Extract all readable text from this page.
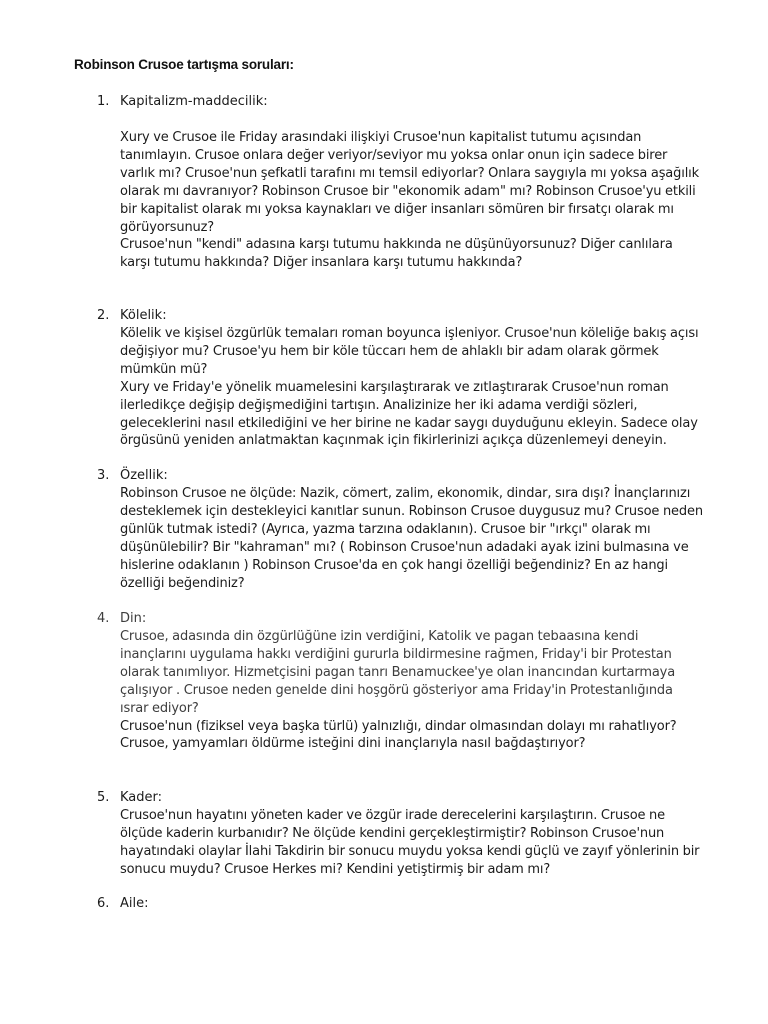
Robinson Crusoe tartışma soruları:
1. Kapitalizm-maddecilik:
Xury ve Crusoe ile Friday arasındaki ilişkiyi Crusoe'nun kapitalist tutumu açısından
tanımlayın. Crusoe onlara değer veriyor/seviyor mu yoksa onlar onun için sadece birer
varlık mı? Crusoe'nun şefkatli tarafını mı temsil ediyorlar? Onlara saygıyla mı yoksa aşağılık
olarak mı davranıyor? Robinson Crusoe bir "ekonomik adam" mı? Robinson Crusoe'yu etkili
bir kapitalist olarak mı yoksa kaynakları ve diğer insanları sömüren bir fırsatçı olarak mı
görüyorsunuz?
Crusoe'nun "kendi" adasına karşı tutumu hakkında ne düşünüyorsunuz? Diğer canlılara
karşı tutumu hakkında? Diğer insanlara karşı tutumu hakkında?
2. Kölelik:
Kölelik ve kişisel özgürlük temaları roman boyunca işleniyor. Crusoe'nun köleliğe bakış açısı
değişiyor mu? Crusoe'yu hem bir köle tüccarı hem de ahlaklı bir adam olarak görmek
mümkün mü?
Xury ve Friday'e yönelik muamelesini karşılaştırarak ve zıtlaştırarak Crusoe'nun roman
ilerledikçe değişip değişmediğini tartışın. Analizinize her iki adama verdiği sözleri,
geleceklerini nasıl etkilediğini ve her birine ne kadar saygı duyduğunu ekleyin. Sadece olay
örgüsünü yeniden anlatmaktan kaçınmak için fikirlerinizi açıkça düzenlemeyi deneyin.
3. Özellik:
Robinson Crusoe ne ölçüde: Nazik, cömert, zalim, ekonomik, dindar, sıra dışı? İnançlarınızı
desteklemek için destekleyici kanıtlar sunun. Robinson Crusoe duygusuz mu? Crusoe neden
günlük tutmak istedi? (Ayrıca, yazma tarzına odaklanın). Crusoe bir "ırkçı" olarak mı
düşünülebilir? Bir "kahraman" mı? ( Robinson Crusoe'nun adadaki ayak izini bulmasına ve
hislerine odaklanın ) Robinson Crusoe'da en çok hangi özelliği beğendiniz? En az hangi
özelliği beğendiniz?
4. Din:
Crusoe, adasında din özgürlüğüne izin verdiğini, Katolik ve pagan tebaasına kendi
inançlarını uygulama hakkı verdiğini gururla bildirmesine rağmen, Friday'i bir Protestan
olarak tanımlıyor. Hizmetçisini pagan tanrı Benamuckee'ye olan inancından kurtarmaya
çalışıyor . Crusoe neden genelde dini hoşgörü gösteriyor ama Friday'in Protestanlığında
ısrar ediyor?
Crusoe'nun (fiziksel veya başka türlü) yalnızlığı, dindar olmasından dolayı mı rahatlıyor?
Crusoe, yamyamları öldürme isteğini dini inançlarıyla nasıl bağdaştırıyor?
5. Kader:
Crusoe'nun hayatını yöneten kader ve özgür irade derecelerini karşılaştırın. Crusoe ne
ölçüde kaderin kurbanıdır? Ne ölçüde kendini gerçekleştirmiştir? Robinson Crusoe'nun
hayatındaki olaylar İlahi Takdirin bir sonucu muydu yoksa kendi güçlü ve zayıf yönlerinin bir
sonucu muydu? Crusoe Herkes mi? Kendini yetiştirmiş bir adam mı?
6. Aile:
